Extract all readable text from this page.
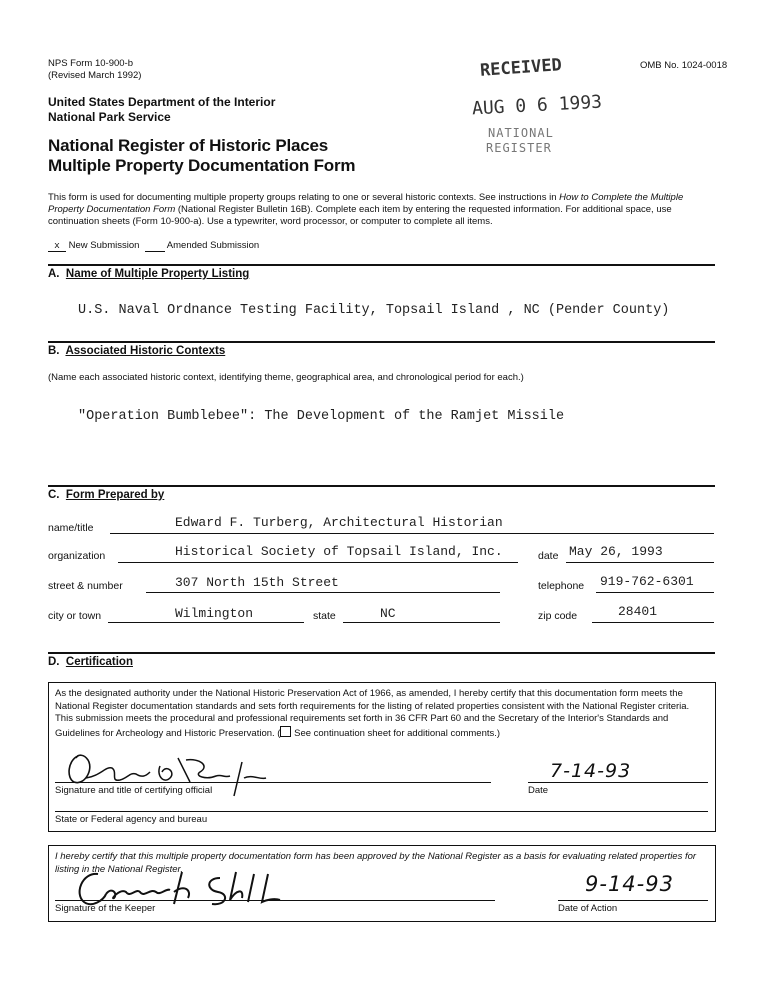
NPS Form 10-900-b
(Revised March 1992)
OMB No. 1024-0018
United States Department of the Interior
National Park Service
National Register of Historic Places
Multiple Property Documentation Form
RECEIVED
AUG 0 6 1993
NATIONAL
REGISTER
This form is used for documenting multiple property groups relating to one or several historic contexts. See instructions in How to Complete the Multiple Property Documentation Form (National Register Bulletin 16B). Complete each item by entering the requested information. For additional space, use continuation sheets (Form 10-900-a). Use a typewriter, word processor, or computer to complete all items.
x New Submission	Amended Submission
A. Name of Multiple Property Listing
U.S. Naval Ordnance Testing Facility, Topsail Island , NC (Pender County)
B. Associated Historic Contexts
(Name each associated historic context, identifying theme, geographical area, and chronological period for each.)
"Operation Bumblebee": The Development of the Ramjet Missile
C. Form Prepared by
name/title	Edward F. Turberg, Architectural Historian
organization	Historical Society of Topsail Island, Inc.	date May 26, 1993
street & number	307 North 15th Street	telephone 919-762-6301
city or town	Wilmington	state	NC	zip code	28401
D. Certification
As the designated authority under the National Historic Preservation Act of 1966, as amended, I hereby certify that this documentation form meets the National Register documentation standards and sets forth requirements for the listing of related properties consistent with the National Register criteria. This submission meets the procedural and professional requirements set forth in 36 CFR Part 60 and the Secretary of the Interior's Standards and Guidelines for Archeology and Historic Preservation. ( See continuation sheet for additional comments.)
Signature and title of certifying official
7-14-93
Date
State or Federal agency and bureau
I hereby certify that this multiple property documentation form has been approved by the National Register as a basis for evaluating related properties for listing in the National Register.
9-14-93
Signature of the Keeper	Date of Action
